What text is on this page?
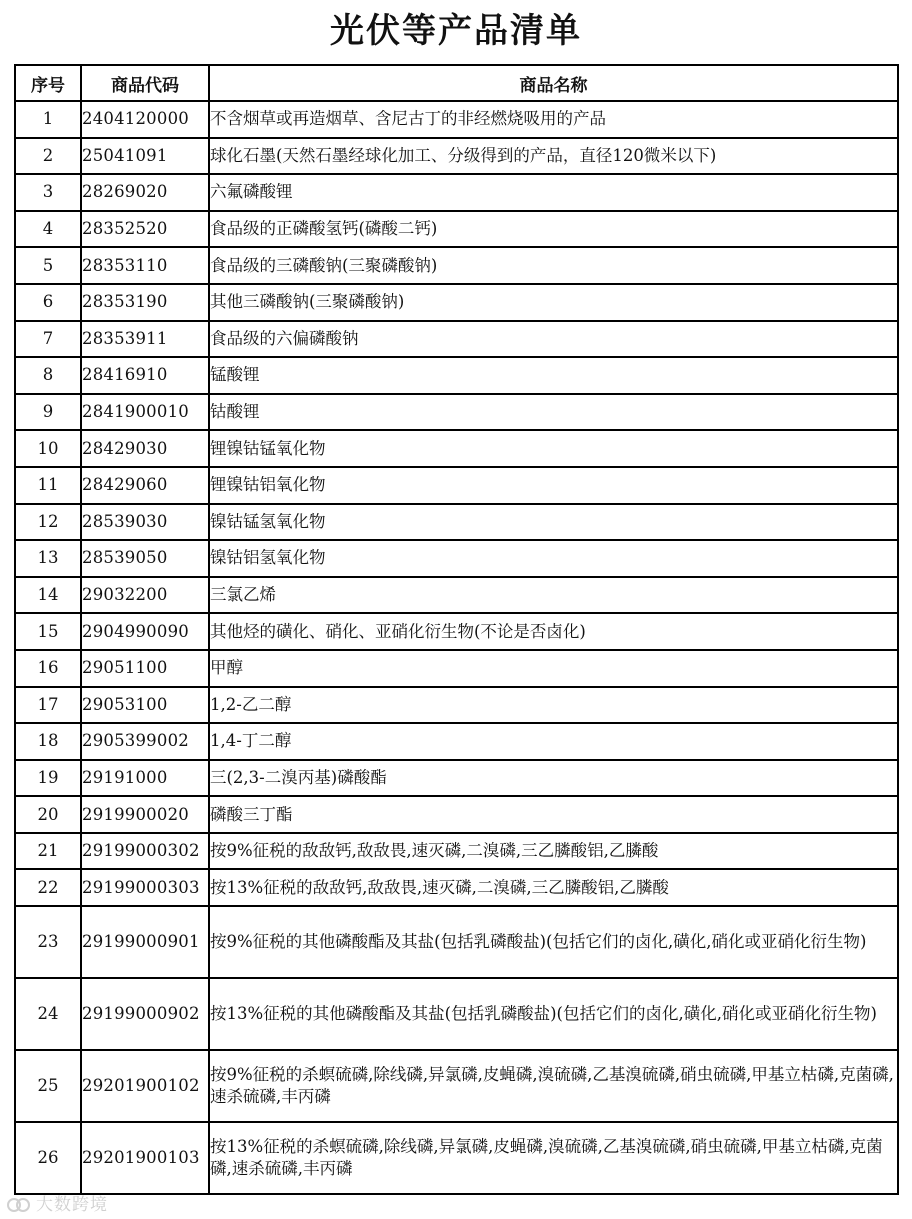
光伏等产品清单
序号	商品代码	商品名称
1	2404120000	不含烟草或再造烟草、含尼古丁的非经燃烧吸用的产品
2	25041091	球化石墨(天然石墨经球化加工、分级得到的产品，直径120微米以下)
3	28269020	六氟磷酸锂
4	28352520	食品级的正磷酸氢钙(磷酸二钙)
5	28353110	食品级的三磷酸钠(三聚磷酸钠)
6	28353190	其他三磷酸钠(三聚磷酸钠)
7	28353911	食品级的六偏磷酸钠
8	28416910	锰酸锂
9	2841900010	钴酸锂
10	28429030	锂镍钴锰氧化物
11	28429060	锂镍钴铝氧化物
12	28539030	镍钴锰氢氧化物
13	28539050	镍钴铝氢氧化物
14	29032200	三氯乙烯
15	2904990090	其他烃的磺化、硝化、亚硝化衍生物(不论是否卤化)
16	29051100	甲醇
17	29053100	1,2-乙二醇
18	2905399002	1,4-丁二醇
19	29191000	三(2,3-二溴丙基)磷酸酯
20	2919900020	磷酸三丁酯
21	29199000302	按9%征税的敌敌钙,敌敌畏,速灭磷,二溴磷,三乙膦酸铝,乙膦酸
22	29199000303	按13%征税的敌敌钙,敌敌畏,速灭磷,二溴磷,三乙膦酸铝,乙膦酸
23	29199000901	按9%征税的其他磷酸酯及其盐(包括乳磷酸盐)(包括它们的卤化,磺化,硝化或亚硝化衍生物)
24	29199000902	按13%征税的其他磷酸酯及其盐(包括乳磷酸盐)(包括它们的卤化,磺化,硝化或亚硝化衍生物)
25	29201900102	按9%征税的杀螟硫磷,除线磷,异氯磷,皮蝇磷,溴硫磷,乙基溴硫磷,硝虫硫磷,甲基立枯磷,克菌磷,速杀硫磷,丰丙磷
26	29201900103	按13%征税的杀螟硫磷,除线磷,异氯磷,皮蝇磷,溴硫磷,乙基溴硫磷,硝虫硫磷,甲基立枯磷,克菌磷,速杀硫磷,丰丙磷
大数跨境
